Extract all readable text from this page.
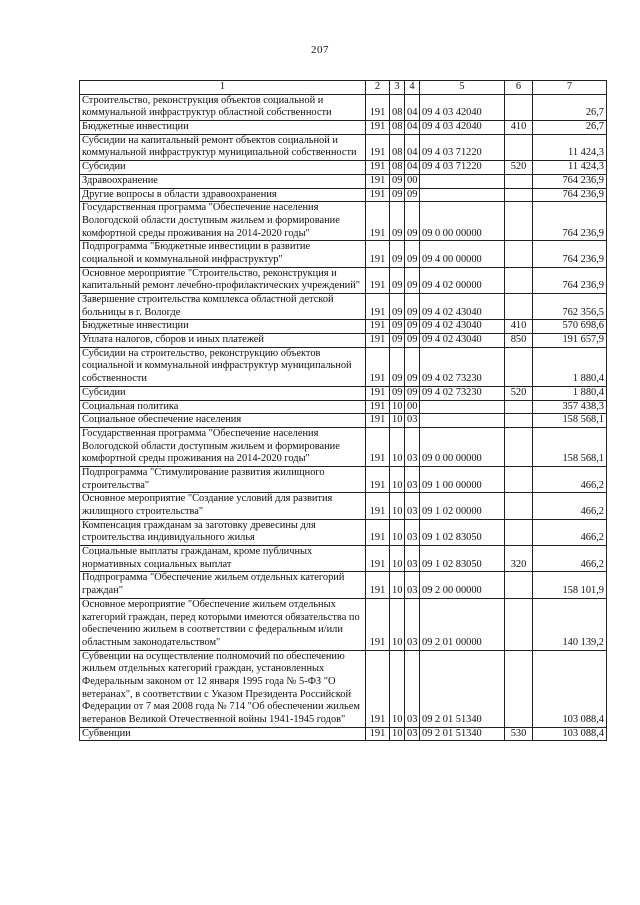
207
1	2	3	4	5	6	7
Строительство, реконструкция объектов социальной и коммунальной инфраструктур областной собственности	191	08	04	09 4 03 42040		26,7
Бюджетные инвестиции	191	08	04	09 4 03 42040	410	26,7
Субсидии на капитальный ремонт объектов социальной и коммунальной инфраструктур муниципальной собственности	191	08	04	09 4 03 71220		11 424,3
Субсидии	191	08	04	09 4 03 71220	520	11 424,3
Здравоохранение	191	09	00			764 236,9
Другие вопросы в области здравоохранения	191	09	09			764 236,9
Государственная программа "Обеспечение населения Вологодской области доступным жильем и формирование комфортной среды проживания на 2014-2020 годы"	191	09	09	09 0 00 00000		764 236,9
Подпрограмма "Бюджетные инвестиции в развитие социальной и коммунальной инфраструктур"	191	09	09	09 4 00 00000		764 236,9
Основное мероприятие "Строительство, реконструкция и капитальный ремонт лечебно-профилактических учреждений"	191	09	09	09 4 02 00000		764 236,9
Завершение строительства комплекса областной детской больницы в г. Вологде	191	09	09	09 4 02 43040		762 356,5
Бюджетные инвестиции	191	09	09	09 4 02 43040	410	570 698,6
Уплата налогов, сборов и иных платежей	191	09	09	09 4 02 43040	850	191 657,9
Субсидии на строительство, реконструкцию объектов социальной и коммунальной инфраструктур муниципальной собственности	191	09	09	09 4 02 73230		1 880,4
Субсидии	191	09	09	09 4 02 73230	520	1 880,4
Социальная политика	191	10	00			357 438,3
Социальное обеспечение населения	191	10	03			158 568,1
Государственная программа "Обеспечение населения Вологодской области доступным жильем и формирование комфортной среды проживания на 2014-2020 годы"	191	10	03	09 0 00 00000		158 568,1
Подпрограмма "Стимулирование развития жилищного строительства"	191	10	03	09 1 00 00000		466,2
Основное мероприятие "Создание условий для развития жилищного строительства"	191	10	03	09 1 02 00000		466,2
Компенсация гражданам за заготовку древесины для строительства индивидуального жилья	191	10	03	09 1 02 83050		466,2
Социальные выплаты гражданам, кроме публичных нормативных социальных выплат	191	10	03	09 1 02 83050	320	466,2
Подпрограмма "Обеспечение жильем отдельных категорий граждан"	191	10	03	09 2 00 00000		158 101,9
Основное мероприятие "Обеспечение жильем отдельных категорий граждан, перед которыми имеются обязательства по обеспечению жильем в соответствии с федеральным и/или областным законодательством"	191	10	03	09 2 01 00000		140 139,2
Субвенции на осуществление полномочий по обеспечению жильем отдельных категорий граждан, установленных Федеральным законом от 12 января 1995 года № 5-ФЗ "О ветеранах", в соответствии с Указом Президента Российской Федерации от 7 мая 2008 года № 714 "Об обеспечении жильем ветеранов Великой Отечественной войны 1941-1945 годов"	191	10	03	09 2 01 51340		103 088,4
Субвенции	191	10	03	09 2 01 51340	530	103 088,4
